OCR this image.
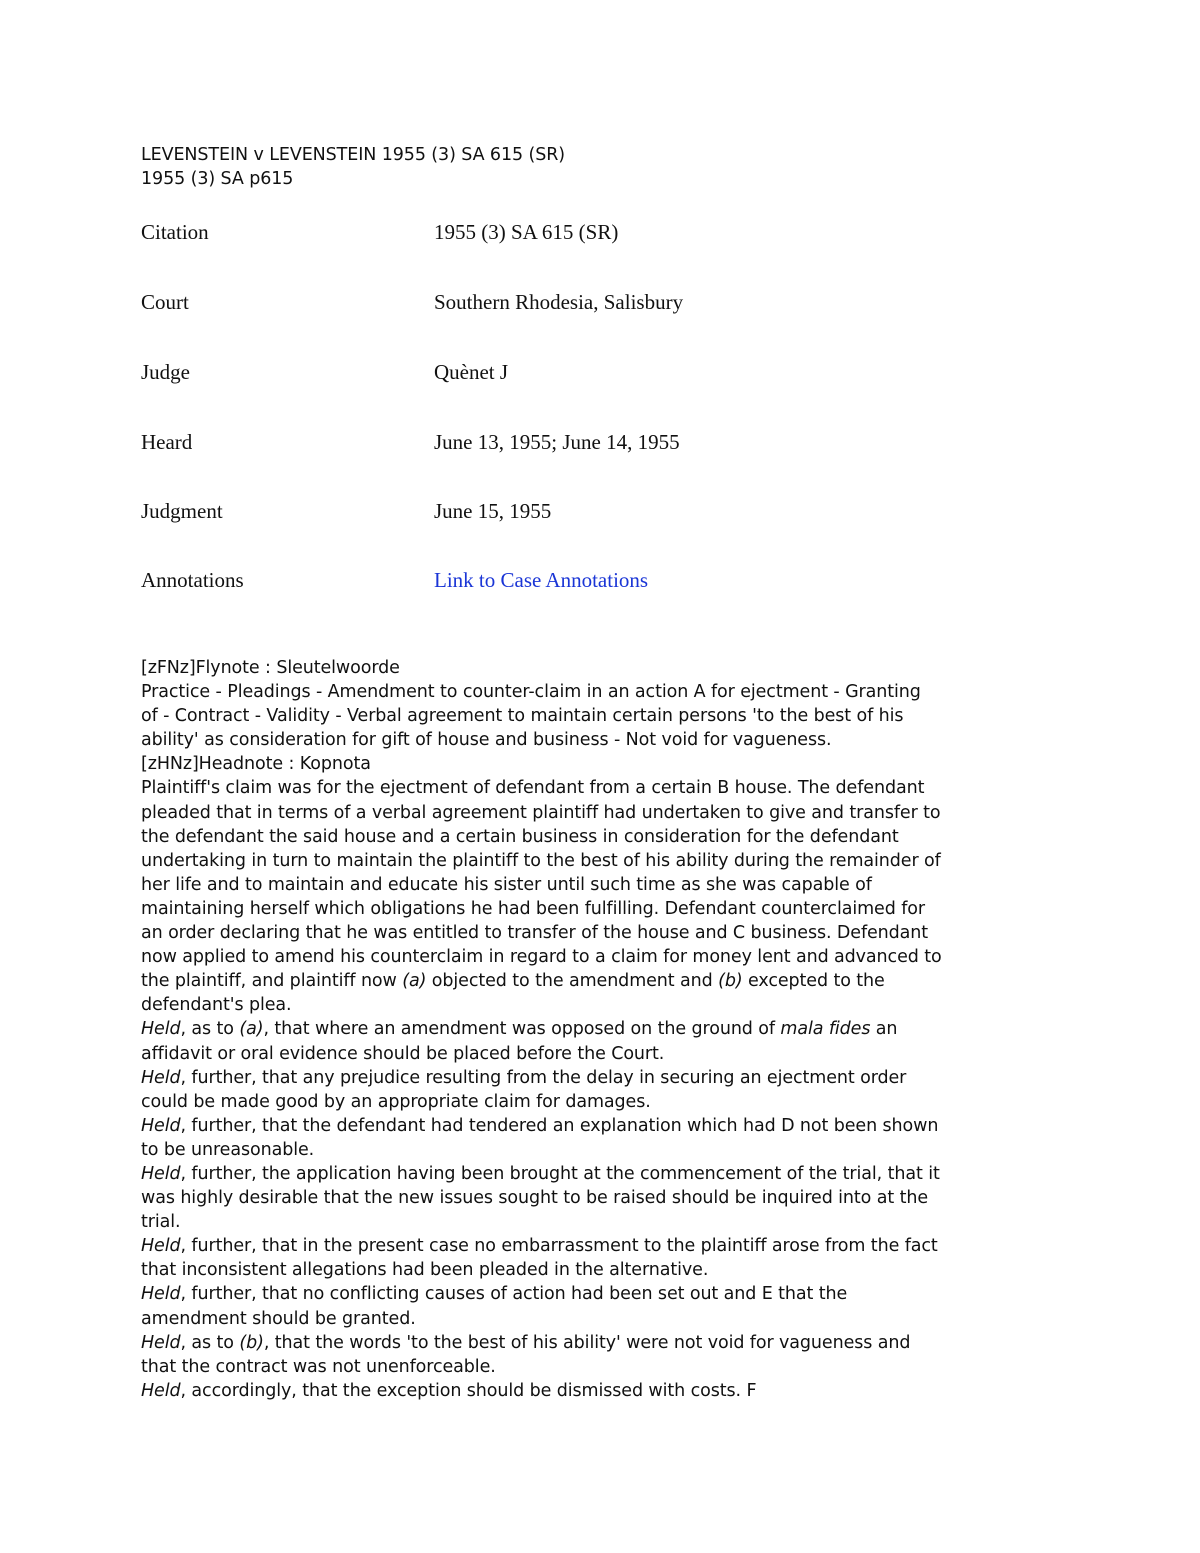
LEVENSTEIN v LEVENSTEIN 1955 (3) SA 615 (SR)
1955 (3) SA p615
Citation	1955 (3) SA 615 (SR)
Court	Southern Rhodesia, Salisbury
Judge	Quènet J
Heard	June 13, 1955; June 14, 1955
Judgment	June 15, 1955
Annotations	Link to Case Annotations
[zFNz]Flynote : Sleutelwoorde
Practice - Pleadings - Amendment to counter-claim in an action A for ejectment - Granting
of - Contract - Validity - Verbal agreement to maintain certain persons 'to the best of his
ability' as consideration for gift of house and business - Not void for vagueness.
[zHNz]Headnote : Kopnota
Plaintiff's claim was for the ejectment of defendant from a certain B house. The defendant
pleaded that in terms of a verbal agreement plaintiff had undertaken to give and transfer to
the defendant the said house and a certain business in consideration for the defendant
undertaking in turn to maintain the plaintiff to the best of his ability during the remainder of
her life and to maintain and educate his sister until such time as she was capable of
maintaining herself which obligations he had been fulfilling. Defendant counterclaimed for
an order declaring that he was entitled to transfer of the house and C business. Defendant
now applied to amend his counterclaim in regard to a claim for money lent and advanced to
the plaintiff, and plaintiff now (a) objected to the amendment and (b) excepted to the
defendant's plea.
Held, as to (a), that where an amendment was opposed on the ground of mala fides an
affidavit or oral evidence should be placed before the Court.
Held, further, that any prejudice resulting from the delay in securing an ejectment order
could be made good by an appropriate claim for damages.
Held, further, that the defendant had tendered an explanation which had D not been shown
to be unreasonable.
Held, further, the application having been brought at the commencement of the trial, that it
was highly desirable that the new issues sought to be raised should be inquired into at the
trial.
Held, further, that in the present case no embarrassment to the plaintiff arose from the fact
that inconsistent allegations had been pleaded in the alternative.
Held, further, that no conflicting causes of action had been set out and E that the
amendment should be granted.
Held, as to (b), that the words 'to the best of his ability' were not void for vagueness and
that the contract was not unenforceable.
Held, accordingly, that the exception should be dismissed with costs. F
